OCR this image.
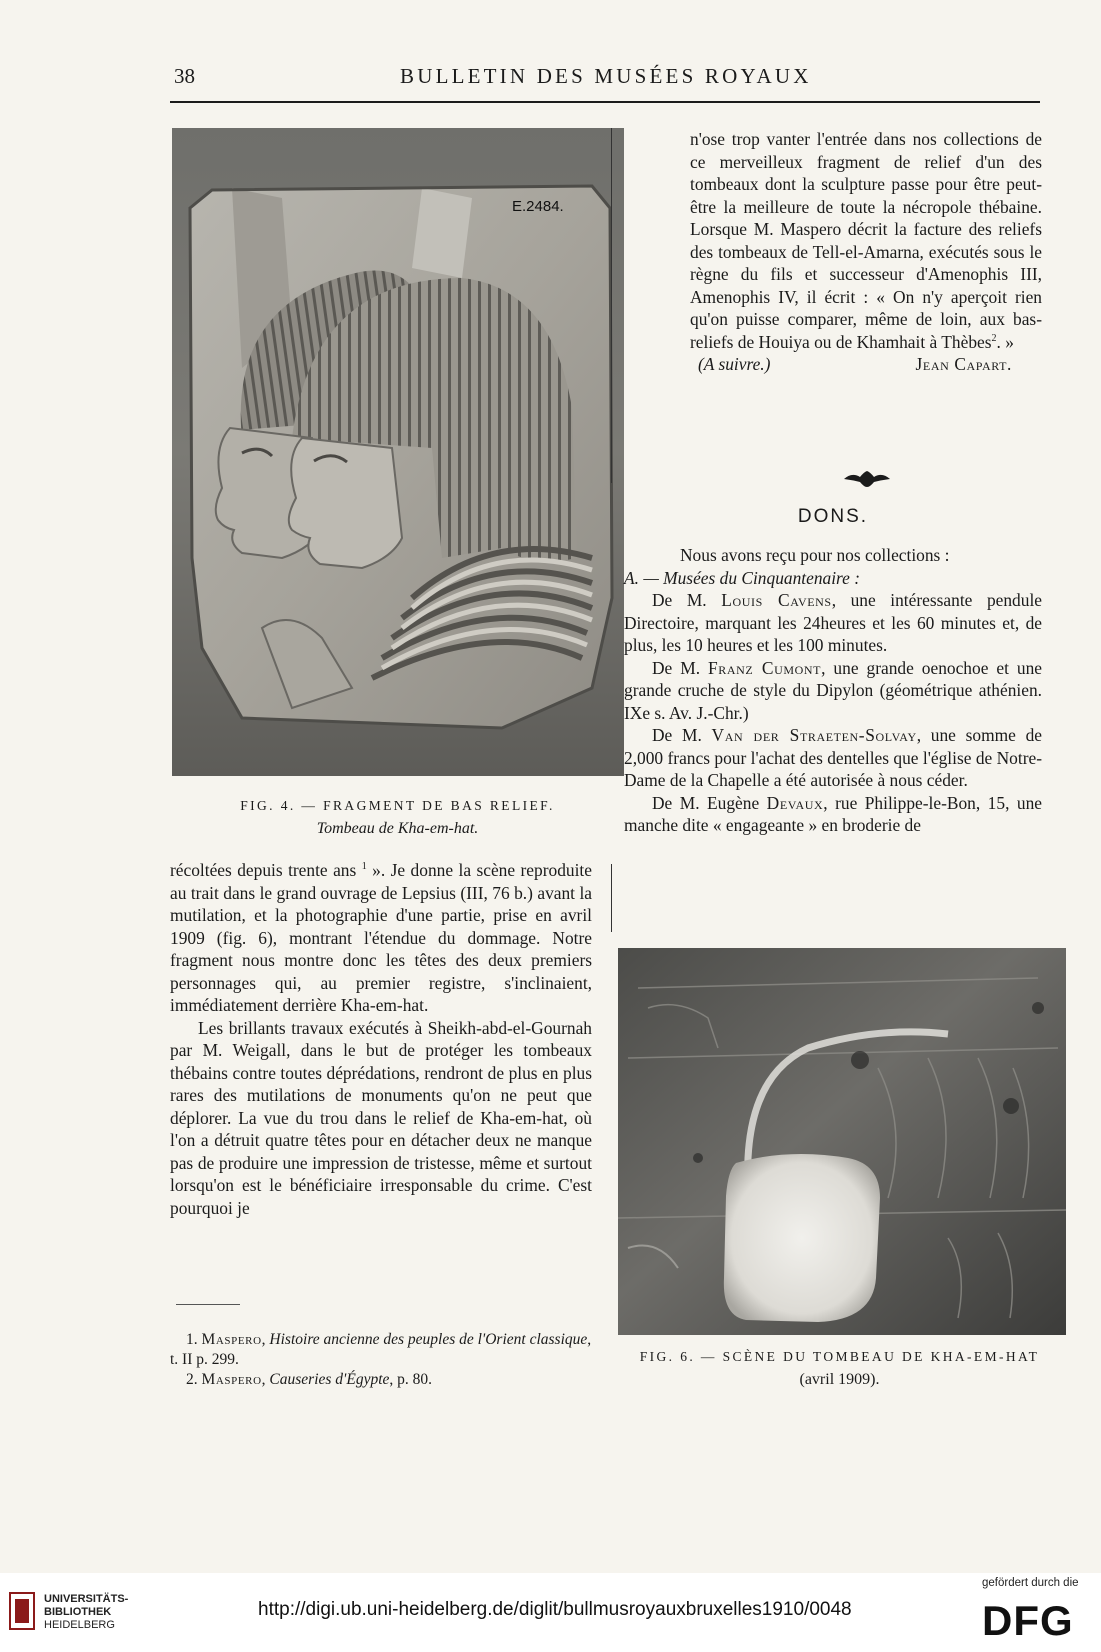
38	BULLETIN DES MUSÉES ROYAUX
E.2484.
FIG. 4. — FRAGMENT DE BAS RELIEF.
Tombeau de Kha-em-hat.

n'ose trop vanter l'entrée dans nos collections de ce merveilleux fragment de relief d'un des tombeaux dont la sculpture passe pour être peut-être la meilleure de toute la nécropole thébaine. Lorsque M. Maspero décrit la facture des reliefs des tombeaux de Tell-el-Amarna, exécutés sous le règne du fils et successeur d'Amenophis III, Amenophis IV, il écrit : « On n'y aperçoit rien qu'on puisse comparer, même de loin, aux bas-reliefs de Houiya ou de Khamhait à Thèbes$^2$. »

(A suivre.)	Jean Capart.

DONS.

Nous avons reçu pour nos collections :

A. — Musées du Cinquantenaire :

De M. Louis Cavens, une intéressante pendule Directoire, marquant les 24heures et les 60 minutes et, de plus, les 10 heures et les 100 minutes.

De M. Franz Cumont, une grande oenochoe et une grande cruche de style du Dipylon (géométrique athénien. IXe s. Av. J.-Chr.)

De M. Van der Straeten-Solvay, une somme de 2,000 francs pour l'achat des dentelles que l'église de Notre-Dame de la Chapelle a été autorisée à nous céder.

De M. Eugène Devaux, rue Philippe-le-Bon, 15, une manche dite « engageante » en broderie de

récoltées depuis trente ans $^1$ ». Je donne la scène reproduite au trait dans le grand ouvrage de Lepsius (III, 76 b.) avant la mutilation, et la photographie d'une partie, prise en avril 1909 (fig. 6), montrant l'étendue du dommage. Notre fragment nous montre donc les têtes des deux premiers personnages qui, au premier registre, s'inclinaient, immédiatement derrière Kha-em-hat.

Les brillants travaux exécutés à Sheikh-abd-el-Gournah par M. Weigall, dans le but de protéger les tombeaux thébains contre toutes déprédations, rendront de plus en plus rares des mutilations de monuments qu'on ne peut que déplorer. La vue du trou dans le relief de Kha-em-hat, où l'on a détruit quatre têtes pour en détacher deux ne manque pas de produire une impression de tristesse, même et surtout lorsqu'on est le bénéficiaire irresponsable du crime. C'est pourquoi je

FIG. 6. — SCÈNE DU TOMBEAU DE KHA-EM-HAT
(avril 1909).

1. Maspero, Histoire ancienne des peuples de l'Orient classique, t. II p. 299.

2. Maspero, Causeries d'Égypte, p. 80.

UNIVERSITÄTS-
BIBLIOTHEK
HEIDELBERG
http://digi.ub.uni-heidelberg.de/diglit/bullmusroyauxbruxelles1910/0048
gefördert durch die
DFG
